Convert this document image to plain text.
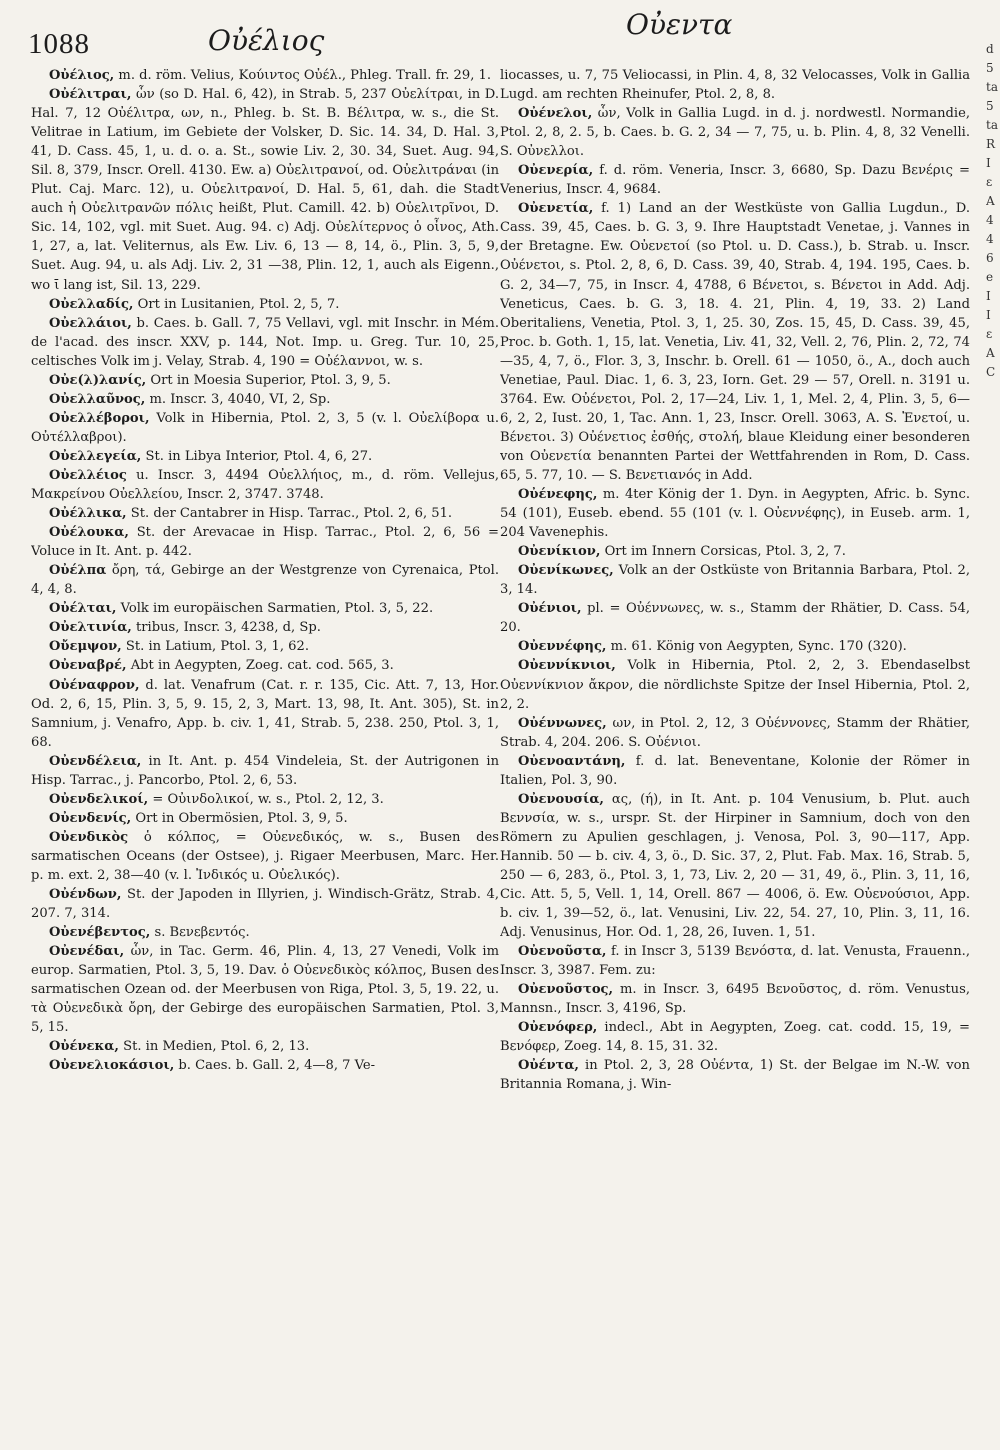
1088	Οὐέλιος	Οὐεντα

Οὐέλιος, m. d. röm. Velius, Κούιντος Οὐέλ., Phleg. Trall. fr. 29, 1.

Οὐέλιτραι, ὧν (so D. Hal. 6, 42), in Strab. 5, 237 Οὐελίτραι, in D. Hal. 7, 12 Οὐέλιτρα, ων, n., Phleg. b. St. B. Βέλιτρα, w. s., die St. Velitrae in Latium, im Gebiete der Volsker, D. Sic. 14. 34, D. Hal. 3, 41, D. Cass. 45, 1, u. d. o. a. St., sowie Liv. 2, 30. 34, Suet. Aug. 94, Sil. 8, 379, Inscr. Orell. 4130. Ew. a) Οὐελιτρανοί, od. Οὐελιτράναι (in Plut. Caj. Marc. 12), u. Οὐελιτρανοί, D. Hal. 5, 61, dah. die Stadt auch ἡ Οὐελιτρανῶν πόλις heißt, Plut. Camill. 42. b) Οὐελιτρῖνοι, D. Sic. 14, 102, vgl. mit Suet. Aug. 94. c) Adj. Οὐελίτερνος ὁ οἶνος, Ath. 1, 27, a, lat. Veliternus, als Ew. Liv. 6, 13 — 8, 14, ö., Plin. 3, 5, 9, Suet. Aug. 94, u. als Adj. Liv. 2, 31 —38, Plin. 12, 1, auch als Eigenn., wo ῑ lang ist, Sil. 13, 229.

Οὐελλαδίς, Ort in Lusitanien, Ptol. 2, 5, 7.

Οὐελλάιοι, b. Caes. b. Gall. 7, 75 Vellavi, vgl. mit Inschr. in Mém. de l'acad. des inscr. XXV, p. 144, Not. Imp. u. Greg. Tur. 10, 25, celtisches Volk im j. Velay, Strab. 4, 190 = Οὐέλαννοι, w. s.

Οὐε(λ)λανίς, Ort in Moesia Superior, Ptol. 3, 9, 5.

Οὐελλαῦνος, m. Inscr. 3, 4040, VI, 2, Sp.

Οὐελλέβοροι, Volk in Hibernia, Ptol. 2, 3, 5 (v. l. Οὐελίβορα u. Οὐτέλλαβροι).

Οὐελλεγεία, St. in Libya Interior, Ptol. 4, 6, 27.

Οὐελλέιος u. Inscr. 3, 4494 Οὐελλήιος, m., d. röm. Vellejus, Μακρείνου Οὐελλείου, Inscr. 2, 3747. 3748.

Οὐέλλικα, St. der Cantabrer in Hisp. Tarrac., Ptol. 2, 6, 51.

Οὐέλουκα, St. der Arevacae in Hisp. Tarrac., Ptol. 2, 6, 56 = Voluce in It. Ant. p. 442.

Οὐέλπα ὄρη, τά, Gebirge an der Westgrenze von Cyrenaica, Ptol. 4, 4, 8.

Οὐέλται, Volk im europäischen Sarmatien, Ptol. 3, 5, 22.

Οὐελτινία, tribus, Inscr. 3, 4238, d, Sp.

Οὔεμψον, St. in Latium, Ptol. 3, 1, 62.

Οὐεναβρέ, Abt in Aegypten, Zoeg. cat. cod. 565, 3.

Οὐέναφρον, d. lat. Venafrum (Cat. r. r. 135, Cic. Att. 7, 13, Hor. Od. 2, 6, 15, Plin. 3, 5, 9. 15, 2, 3, Mart. 13, 98, It. Ant. 305), St. in Samnium, j. Venafro, App. b. civ. 1, 41, Strab. 5, 238. 250, Ptol. 3, 1, 68.

Οὐενδέλεια, in It. Ant. p. 454 Vindeleia, St. der Autrigonen in Hisp. Tarrac., j. Pancorbo, Ptol. 2, 6, 53.

Οὐενδελικοί, = Οὐινδολικοί, w. s., Ptol. 2, 12, 3.

Οὐενδενίς, Ort in Obermösien, Ptol. 3, 9, 5.

Οὐενδικὸς ὁ κόλπος, = Οὐενεδικός, w. s., Busen des sarmatischen Oceans (der Ostsee), j. Rigaer Meerbusen, Marc. Her. p. m. ext. 2, 38—40 (v. l. Ἰνδικός u. Οὐελικός).

Οὐένδων, St. der Japoden in Illyrien, j. Windisch-Grätz, Strab. 4, 207. 7, 314.

Οὐενέβεντος, s. Βενεβεντός.

Οὐενέδαι, ὧν, in Tac. Germ. 46, Plin. 4, 13, 27 Venedi, Volk im europ. Sarmatien, Ptol. 3, 5, 19. Dav. ὁ Οὐενεδικὸς κόλπος, Busen des sarmatischen Ozean od. der Meerbusen von Riga, Ptol. 3, 5, 19. 22, u. τὰ Οὐενεδικὰ ὄρη, der Gebirge des europäischen Sarmatien, Ptol. 3, 5, 15.

Οὐένεκα, St. in Medien, Ptol. 6, 2, 13.

Οὐενελιοκάσιοι, b. Caes. b. Gall. 2, 4—8, 7 Ve-

liocasses, u. 7, 75 Veliocassi, in Plin. 4, 8, 32 Velocasses, Volk in Gallia Lugd. am rechten Rheinufer, Ptol. 2, 8, 8.

Οὐένελοι, ὧν, Volk in Gallia Lugd. in d. j. nordwestl. Normandie, Ptol. 2, 8, 2. 5, b. Caes. b. G. 2, 34 — 7, 75, u. b. Plin. 4, 8, 32 Venelli. S. Οὐνελλοι.

Οὐενερία, f. d. röm. Veneria, Inscr. 3, 6680, Sp. Dazu Βενέρις = Venerius, Inscr. 4, 9684.

Οὐενετία, f. 1) Land an der Westküste von Gallia Lugdun., D. Cass. 39, 45, Caes. b. G. 3, 9. Ihre Hauptstadt Venetae, j. Vannes in der Bretagne. Ew. Οὐενετοί (so Ptol. u. D. Cass.), b. Strab. u. Inscr. Οὐένετοι, s. Ptol. 2, 8, 6, D. Cass. 39, 40, Strab. 4, 194. 195, Caes. b. G. 2, 34—7, 75, in Inscr. 4, 4788, 6 Βένετοι, s. Βένετοι in Add. Adj. Veneticus, Caes. b. G. 3, 18. 4. 21, Plin. 4, 19, 33. 2) Land Oberitaliens, Venetia, Ptol. 3, 1, 25. 30, Zos. 15, 45, D. Cass. 39, 45, Proc. b. Goth. 1, 15, lat. Venetia, Liv. 41, 32, Vell. 2, 76, Plin. 2, 72, 74—35, 4, 7, ö., Flor. 3, 3, Inschr. b. Orell. 61 — 1050, ö., A., doch auch Venetiae, Paul. Diac. 1, 6. 3, 23, Iorn. Get. 29 — 57, Orell. n. 3191 u. 3764. Ew. Οὐένετοι, Pol. 2, 17—24, Liv. 1, 1, Mel. 2, 4, Plin. 3, 5, 6— 6, 2, 2, Iust. 20, 1, Tac. Ann. 1, 23, Inscr. Orell. 3063, A. S. Ἐνετοί, u. Βένετοι. 3) Οὐένετιος ἐσθής, στολή, blaue Kleidung einer besonderen von Οὐενετία benannten Partei der Wettfahrenden in Rom, D. Cass. 65, 5. 77, 10. — S. Βενετιανός in Add.

Οὐένεφης, m. 4ter König der 1. Dyn. in Aegypten, Afric. b. Sync. 54 (101), Euseb. ebend. 55 (101 (v. l. Οὐεννέφης), in Euseb. arm. 1, 204 Vavenephis.

Οὐενίκιον, Ort im Innern Corsicas, Ptol. 3, 2, 7.

Οὐενίκωνες, Volk an der Ostküste von Britannia Barbara, Ptol. 2, 3, 14.

Οὐένιοι, pl. = Οὐέννωνες, w. s., Stamm der Rhätier, D. Cass. 54, 20.

Οὐεννέφης, m. 61. König von Aegypten, Sync. 170 (320).

Οὐεννίκνιοι, Volk in Hibernia, Ptol. 2, 2, 3. Ebendaselbst Οὐεννίκνιον ἄκρον, die nördlichste Spitze der Insel Hibernia, Ptol. 2, 2, 2.

Οὐέννωνες, ων, in Ptol. 2, 12, 3 Οὐέννονες, Stamm der Rhätier, Strab. 4, 204. 206. S. Οὐένιοι.

Οὐενοαντάνη, f. d. lat. Beneventane, Kolonie der Römer in Italien, Pol. 3, 90.

Οὐενουσία, ας, (ή), in It. Ant. p. 104 Venusium, b. Plut. auch Βεννσία, w. s., urspr. St. der Hirpiner in Samnium, doch von den Römern zu Apulien geschlagen, j. Venosa, Pol. 3, 90—117, App. Hannib. 50 — b. civ. 4, 3, ö., D. Sic. 37, 2, Plut. Fab. Max. 16, Strab. 5, 250 — 6, 283, ö., Ptol. 3, 1, 73, Liv. 2, 20 — 31, 49, ö., Plin. 3, 11, 16, Cic. Att. 5, 5, Vell. 1, 14, Orell. 867 — 4006, ö. Ew. Οὐενούσιοι, App. b. civ. 1, 39—52, ö., lat. Venusini, Liv. 22, 54. 27, 10, Plin. 3, 11, 16. Adj. Venusinus, Hor. Od. 1, 28, 26, Iuven. 1, 51.

Οὐενοῦστα, f. in Inscr 3, 5139 Βενόστα, d. lat. Venusta, Frauenn., Inscr. 3, 3987. Fem. zu:

Οὐενοῦστος, m. in Inscr. 3, 6495 Βενοῦστος, d. röm. Venustus, Mannsn., Inscr. 3, 4196, Sp.

Οὐενόφερ, indecl., Abt in Aegypten, Zoeg. cat. codd. 15, 19, = Βενόφερ, Zoeg. 14, 8. 15, 31. 32.

Οὐέντα, in Ptol. 2, 3, 28 Οὐέντα, 1) St. der Belgae im N.-W. von Britannia Romana, j. Win-

d
5
ta
5
ta
R
I
ε
A
4
4
6
e
I
I
ε
A
C
